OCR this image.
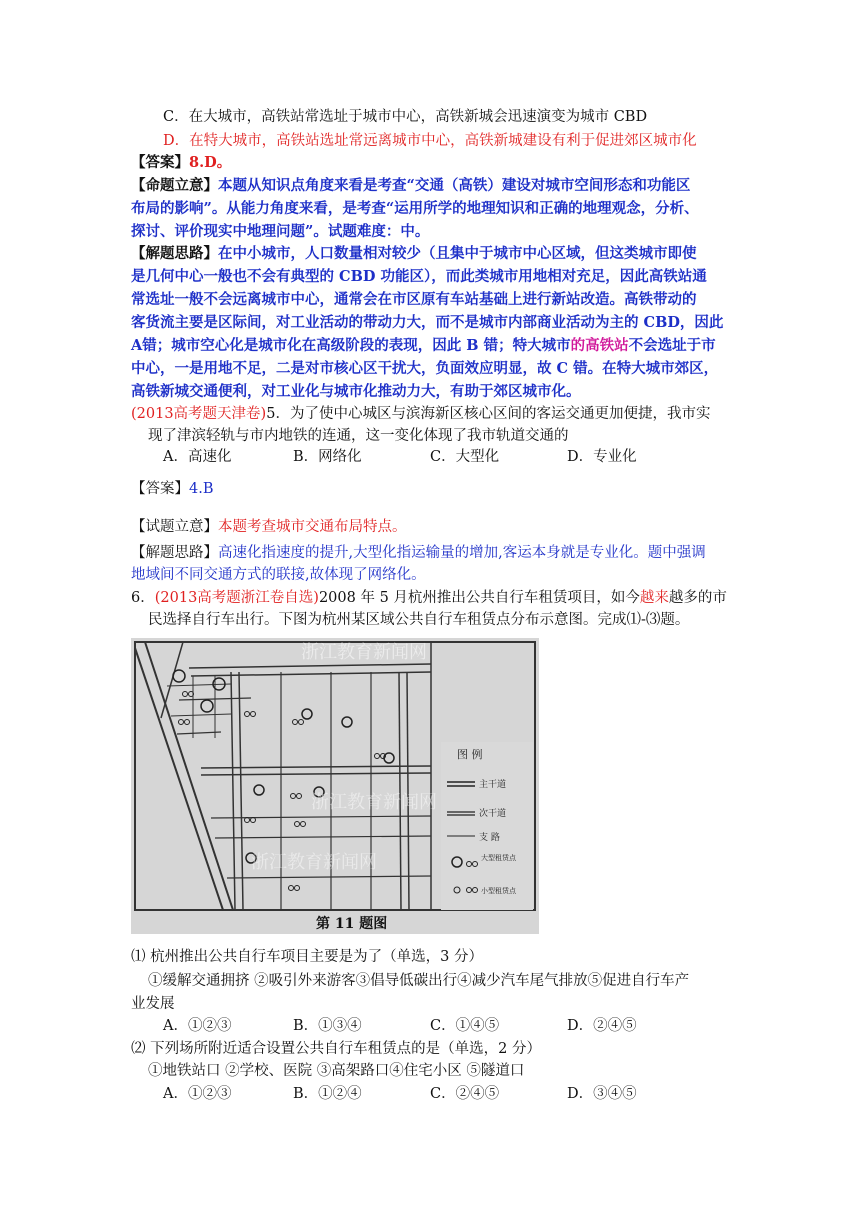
C．在大城市，高铁站常选址于城市中心，高铁新城会迅速演变为城市 CBD
D．在特大城市，高铁站选址常远离城市中心，高铁新城建设有利于促进郊区城市化
【答案】8.D。
【命题立意】本题从知识点角度来看是考查“交通（高铁）建设对城市空间形态和功能区
布局的影响”。从能力角度来看，是考查“运用所学的地理知识和正确的地理观念，分析、
探讨、评价现实中地理问题”。试题难度：中。
【解题思路】在中小城市，人口数量相对较少（且集中于城市中心区域，但这类城市即使
是几何中心一般也不会有典型的 CBD 功能区），而此类城市用地相对充足，因此高铁站通
常选址一般不会远离城市中心，通常会在市区原有车站基础上进行新站改造。高铁带动的
客货流主要是区际间，对工业活动的带动力大，而不是城市内部商业活动为主的 CBD，因此
A错；城市空心化是城市化在高级阶段的表现，因此 B 错；特大城市的高铁站不会选址于市
中心，一是用地不足，二是对市核心区干扰大，负面效应明显，故 C 错。在特大城市郊区，
高铁新城交通便利，对工业化与城市化推动力大，有助于郊区城市化。
(2013高考题天津卷)5．为了使中心城区与滨海新区核心区间的客运交通更加便捷，我市实
现了津滨轻轨与市内地铁的连通，这一变化体现了我市轨道交通的
A．高速化	B．网络化	C．大型化	D．专业化
【答案】4.B
【试题立意】本题考查城市交通布局特点。
【解题思路】高速化指速度的提升,大型化指运输量的增加,客运本身就是专业化。题中强调
地域间不同交通方式的联接,故体现了网络化。
6．(2013高考题浙江卷自选)2008 年 5 月杭州推出公共自行车租赁项目，如今越来越多的市
民选择自行车出行。下图为杭州某区域公共自行车租赁点分布示意图。完成⑴-⑶题。
图 例
主干道
次干道
支 路
大型租赁点
小型租赁点
浙江教育新闻网
浙江教育新闻网
浙江教育新闻网
第 11 题图
⑴ 杭州推出公共自行车项目主要是为了（单选，3 分）
①缓解交通拥挤 ②吸引外来游客③倡导低碳出行④减少汽车尾气排放⑤促进自行车产
业发展
A．①②③	B．①③④	C．①④⑤	D．②④⑤
⑵ 下列场所附近适合设置公共自行车租赁点的是（单选，2 分）
①地铁站口 ②学校、医院 ③高架路口④住宅小区 ⑤隧道口
A．①②③	B．①②④	C．②④⑤	D．③④⑤
